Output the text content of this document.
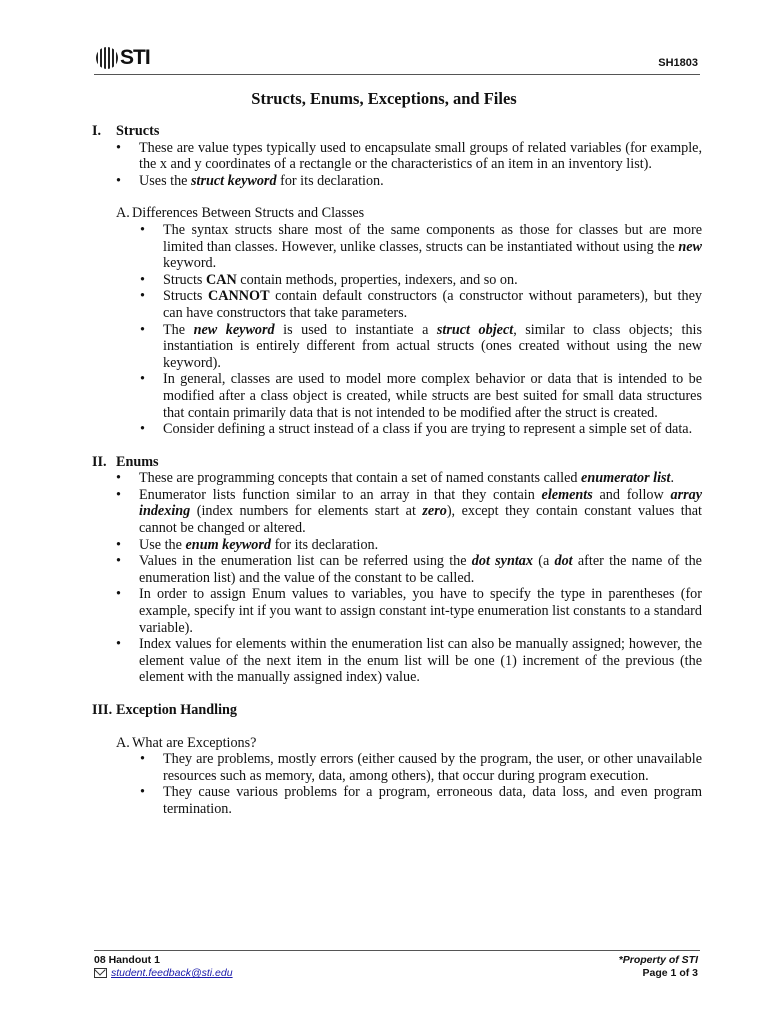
STI	SH1803
Structs, Enums, Exceptions, and Files

I.	Structs

• These are value types typically used to encapsulate small groups of related variables (for example, the x and y coordinates of a rectangle or the characteristics of an item in an inventory list).
• Uses the struct keyword for its declaration.

A. Differences Between Structs and Classes

• The syntax structs share most of the same components as those for classes but are more limited than classes. However, unlike classes, structs can be instantiated without using the new keyword.
• Structs CAN contain methods, properties, indexers, and so on.
• Structs CANNOT contain default constructors (a constructor without parameters), but they can have constructors that take parameters.
• The new keyword is used to instantiate a struct object, similar to class objects; this instantiation is entirely different from actual structs (ones created without using the new keyword).
• In general, classes are used to model more complex behavior or data that is intended to be modified after a class object is created, while structs are best suited for small data structures that contain primarily data that is not intended to be modified after the struct is created.
• Consider defining a struct instead of a class if you are trying to represent a simple set of data.

II. Enums

• These are programming concepts that contain a set of named constants called enumerator list.
• Enumerator lists function similar to an array in that they contain elements and follow array indexing (index numbers for elements start at zero), except they contain constant values that cannot be changed or altered.
• Use the enum keyword for its declaration.
• Values in the enumeration list can be referred using the dot syntax (a dot after the name of the enumeration list) and the value of the constant to be called.
• In order to assign Enum values to variables, you have to specify the type in parentheses (for example, specify int if you want to assign constant int-type enumeration list constants to a standard variable).
• Index values for elements within the enumeration list can also be manually assigned; however, the element value of the next item in the enum list will be one (1) increment of the previous (the element with the manually assigned index) value.

III. Exception Handling

A. What are Exceptions?

• They are problems, mostly errors (either caused by the program, the user, or other unavailable resources such as memory, data, among others), that occur during program execution.
• They cause various problems for a program, erroneous data, data loss, and even program termination.
08 Handout 1
student.feedback@sti.edu
*Property of STI
Page 1 of 3
